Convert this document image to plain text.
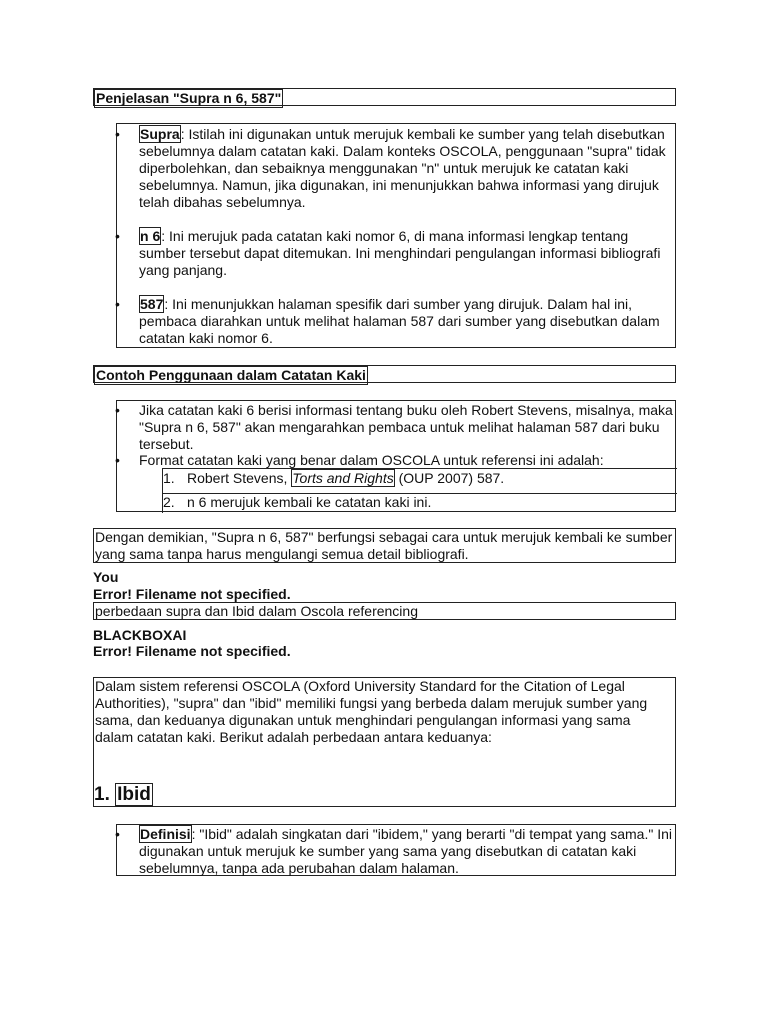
Penjelasan "Supra n 6, 587"
• Supra: Istilah ini digunakan untuk merujuk kembali ke sumber yang telah disebutkan sebelumnya dalam catatan kaki. Dalam konteks OSCOLA, penggunaan "supra" tidak diperbolehkan, dan sebaiknya menggunakan "n" untuk merujuk ke catatan kaki sebelumnya. Namun, jika digunakan, ini menunjukkan bahwa informasi yang dirujuk telah dibahas sebelumnya.
• n 6: Ini merujuk pada catatan kaki nomor 6, di mana informasi lengkap tentang sumber tersebut dapat ditemukan. Ini menghindari pengulangan informasi bibliografi yang panjang.
• 587: Ini menunjukkan halaman spesifik dari sumber yang dirujuk. Dalam hal ini, pembaca diarahkan untuk melihat halaman 587 dari sumber yang disebutkan dalam catatan kaki nomor 6.
Contoh Penggunaan dalam Catatan Kaki
• Jika catatan kaki 6 berisi informasi tentang buku oleh Robert Stevens, misalnya, maka "Supra n 6, 587" akan mengarahkan pembaca untuk melihat halaman 587 dari buku tersebut.
• Format catatan kaki yang benar dalam OSCOLA untuk referensi ini adalah:
1. Robert Stevens, Torts and Rights (OUP 2007) 587.
2. n 6 merujuk kembali ke catatan kaki ini.
Dengan demikian, "Supra n 6, 587" berfungsi sebagai cara untuk merujuk kembali ke sumber yang sama tanpa harus mengulangi semua detail bibliografi.
You
Error! Filename not specified.
perbedaan supra dan Ibid dalam Oscola referencing
BLACKBOXAI
Error! Filename not specified.
Dalam sistem referensi OSCOLA (Oxford University Standard for the Citation of Legal Authorities), "supra" dan "ibid" memiliki fungsi yang berbeda dalam merujuk sumber yang sama, dan keduanya digunakan untuk menghindari pengulangan informasi yang sama dalam catatan kaki. Berikut adalah perbedaan antara keduanya:
1. Ibid
• Definisi: "Ibid" adalah singkatan dari "ibidem," yang berarti "di tempat yang sama." Ini digunakan untuk merujuk ke sumber yang sama yang disebutkan di catatan kaki sebelumnya, tanpa ada perubahan dalam halaman.
